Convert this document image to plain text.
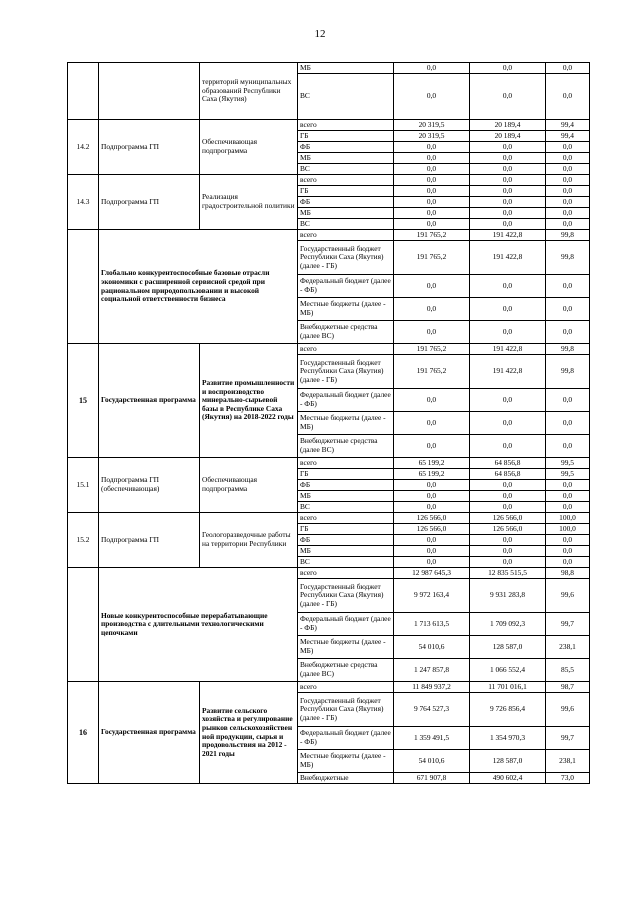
12
		территорий муниципальных образований Республики Саха (Якутия)	МБ	0,0	0,0	0,0
			ВС	0,0	0,0	0,0
14.2	Подпрограмма ГП	Обеспечивающая подпрограмма	всего	20 319,5	20 189,4	99,4
			ГБ	20 319,5	20 189,4	99,4
			ФБ	0,0	0,0	0,0
			МБ	0,0	0,0	0,0
			ВС	0,0	0,0	0,0
14.3	Подпрограмма ГП	Реализация градостроительной политики	всего	0,0	0,0	0,0
			ГБ	0,0	0,0	0,0
			ФБ	0,0	0,0	0,0
			МБ	0,0	0,0	0,0
			ВС	0,0	0,0	0,0
	Глобально конкурентоспособные базовые отрасли экономики с расширенной сервисной средой при рациональном природопользовании и высокой социальной ответственности бизнеса		всего	191 765,2	191 422,8	99,8
			Государственный бюджет Республики Саха (Якутия) (далее - ГБ)	191 765,2	191 422,8	99,8
			Федеральный бюджет (далее - ФБ)	0,0	0,0	0,0
			Местные бюджеты (далее - МБ)	0,0	0,0	0,0
			Внебюджетные средства (далее ВС)	0,0	0,0	0,0
15	Государственная программа	Развитие промышленности и воспроизводство минерально-сырьевой базы в Республике Саха (Якутия) на 2018-2022 годы	всего	191 765,2	191 422,8	99,8
			Государственный бюджет Республики Саха (Якутия) (далее - ГБ)	191 765,2	191 422,8	99,8
			Федеральный бюджет (далее - ФБ)	0,0	0,0	0,0
			Местные бюджеты (далее - МБ)	0,0	0,0	0,0
			Внебюджетные средства (далее ВС)	0,0	0,0	0,0
15.1	Подпрограмма ГП (обеспечивающая)	Обеспечивающая подпрограмма	всего	65 199,2	64 856,8	99,5
			ГБ	65 199,2	64 856,8	99,5
			ФБ	0,0	0,0	0,0
			МБ	0,0	0,0	0,0
			ВС	0,0	0,0	0,0
15.2	Подпрограмма ГП	Геологоразведочные работы на территории Республики	всего	126 566,0	126 566,0	100,0
			ГБ	126 566,0	126 566,0	100,0
			ФБ	0,0	0,0	0,0
			МБ	0,0	0,0	0,0
			ВС	0,0	0,0	0,0
	Новые конкурентоспособные перерабатывающие производства с длительными технологическими цепочками		всего	12 987 645,3	12 835 515,5	98,8
			Государственный бюджет Республики Саха (Якутия) (далее - ГБ)	9 972 163,4	9 931 283,8	99,6
			Федеральный бюджет (далее - ФБ)	1 713 613,5	1 709 092,3	99,7
			Местные бюджеты (далее - МБ)	54 010,6	128 587,0	238,1
			Внебюджетные средства (далее ВС)	1 247 857,8	1 066 552,4	85,5
16	Государственная программа	Развитие сельского хозяйства и регулирование рынков сельскохозяйствен ной продукции, сырья и продовольствия на 2012 - 2021 годы	всего	11 849 937,2	11 701 016,1	98,7
			Государственный бюджет Республики Саха (Якутия) (далее - ГБ)	9 764 527,3	9 726 856,4	99,6
			Федеральный бюджет (далее - ФБ)	1 359 491,5	1 354 970,3	99,7
			Местные бюджеты (далее - МБ)	54 010,6	128 587,0	238,1
			Внебюджетные	671 907,8	490 602,4	73,0
